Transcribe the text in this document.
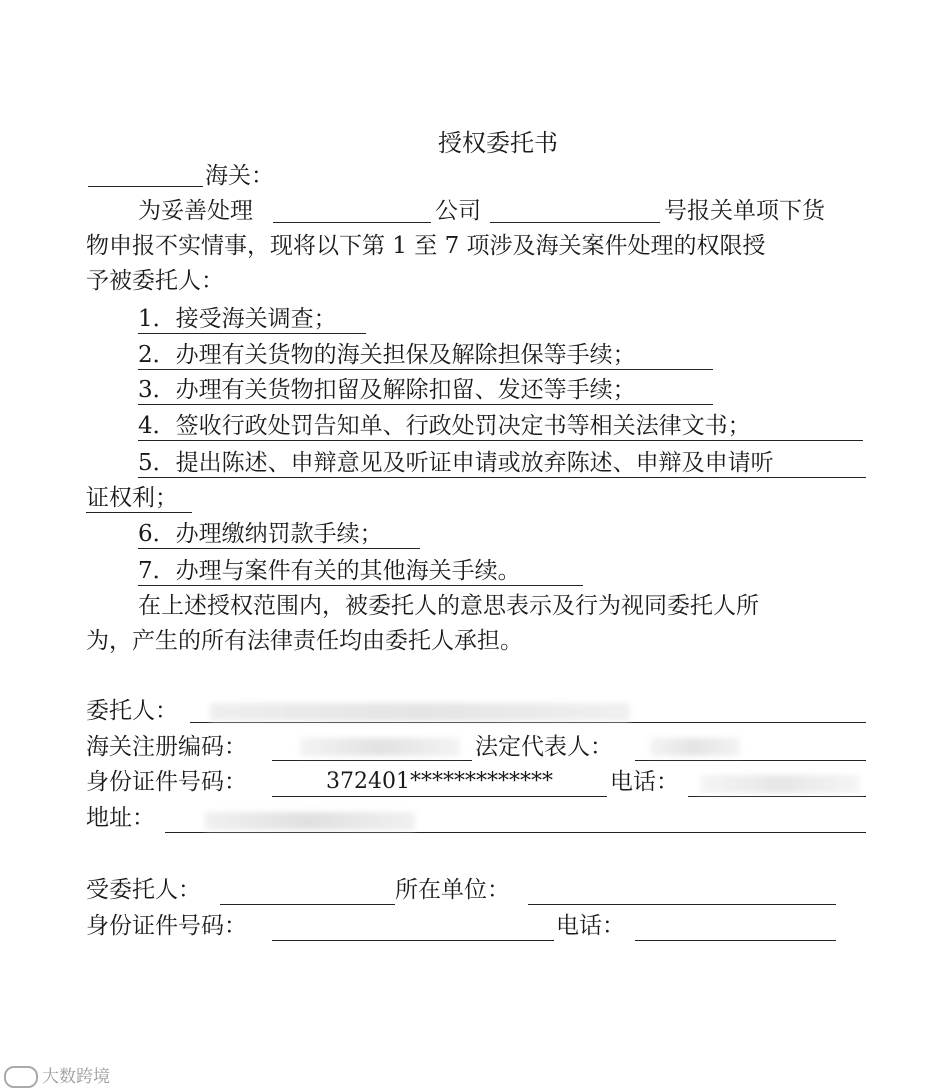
授权委托书
海关：
为妥善处理	公司	号报关单项下货
物申报不实情事，现将以下第 1 至 7 项涉及海关案件处理的权限授
予被委托人：
1．接受海关调查；
2．办理有关货物的海关担保及解除担保等手续；
3．办理有关货物扣留及解除扣留、发还等手续；
4．签收行政处罚告知单、行政处罚决定书等相关法律文书；
5．提出陈述、申辩意见及听证申请或放弃陈述、申辩及申请听
证权利；
6．办理缴纳罚款手续；
7．办理与案件有关的其他海关手续。
在上述授权范围内，被委托人的意思表示及行为视同委托人所
为，产生的所有法律责任均由委托人承担。
委托人：
海关注册编码：	法定代表人：
身份证件号码：	372401************* 电话：
地址：
受委托人：	所在单位：
身份证件号码：	电话：
大数跨境
